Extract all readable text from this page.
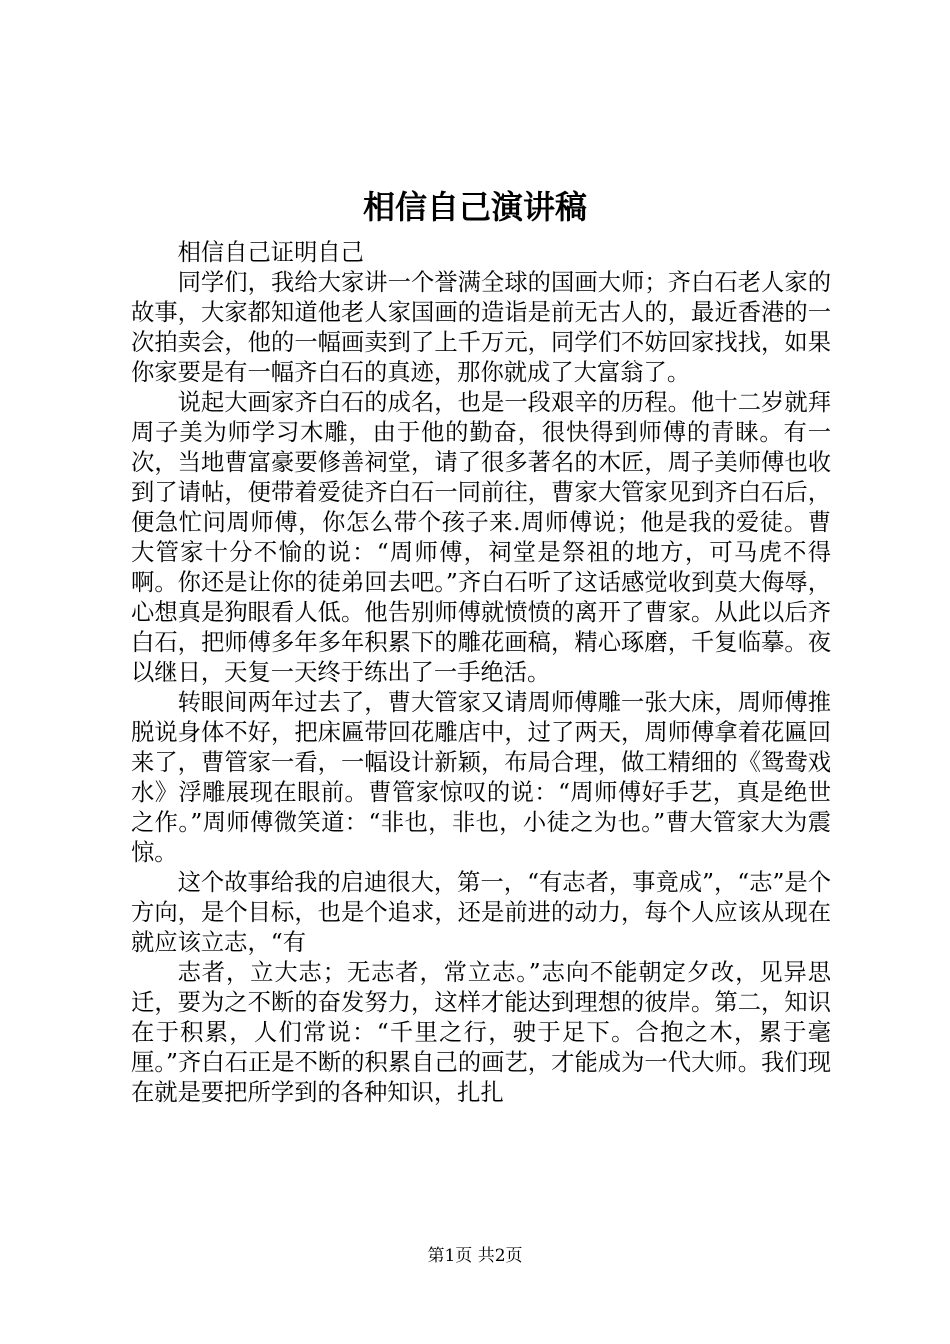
相信自己演讲稿

相信自己证明自己

同学们，我给大家讲一个誉满全球的国画大师；齐白石老人家的故事，大家都知道他老人家国画的造诣是前无古人的，最近香港的一次拍卖会，他的一幅画卖到了上千万元，同学们不妨回家找找，如果你家要是有一幅齐白石的真迹，那你就成了大富翁了。

说起大画家齐白石的成名，也是一段艰辛的历程。他十二岁就拜周子美为师学习木雕，由于他的勤奋，很快得到师傅的青睐。有一次，当地曹富豪要修善祠堂，请了很多著名的木匠，周子美师傅也收到了请帖，便带着爱徒齐白石一同前往，曹家大管家见到齐白石后，便急忙问周师傅，你怎么带个孩子来.周师傅说；他是我的爱徒。曹大管家十分不愉的说：“周师傅，祠堂是祭祖的地方，可马虎不得啊。你还是让你的徒弟回去吧。”齐白石听了这话感觉收到莫大侮辱，心想真是狗眼看人低。他告别师傅就愤愤的离开了曹家。从此以后齐白石，把师傅多年多年积累下的雕花画稿，精心琢磨，千复临摹。夜以继日，天复一天终于练出了一手绝活。

转眼间两年过去了，曹大管家又请周师傅雕一张大床，周师傅推脱说身体不好，把床匾带回花雕店中，过了两天，周师傅拿着花匾回来了，曹管家一看，一幅设计新颖，布局合理，做工精细的《鸳鸯戏水》浮雕展现在眼前。曹管家惊叹的说：“周师傅好手艺，真是绝世之作。”周师傅微笑道：“非也，非也，小徒之为也。”曹大管家大为震惊。

这个故事给我的启迪很大，第一，“有志者，事竟成”，“志”是个方向，是个目标，也是个追求，还是前进的动力，每个人应该从现在就应该立志，“有

志者，立大志；无志者，常立志。”志向不能朝定夕改，见异思迁，要为之不断的奋发努力，这样才能达到理想的彼岸。第二，知识在于积累，人们常说：“千里之行，驶于足下。合抱之木，累于毫厘。”齐白石正是不断的积累自己的画艺，才能成为一代大师。我们现在就是要把所学到的各种知识，扎扎

第1页 共2页
